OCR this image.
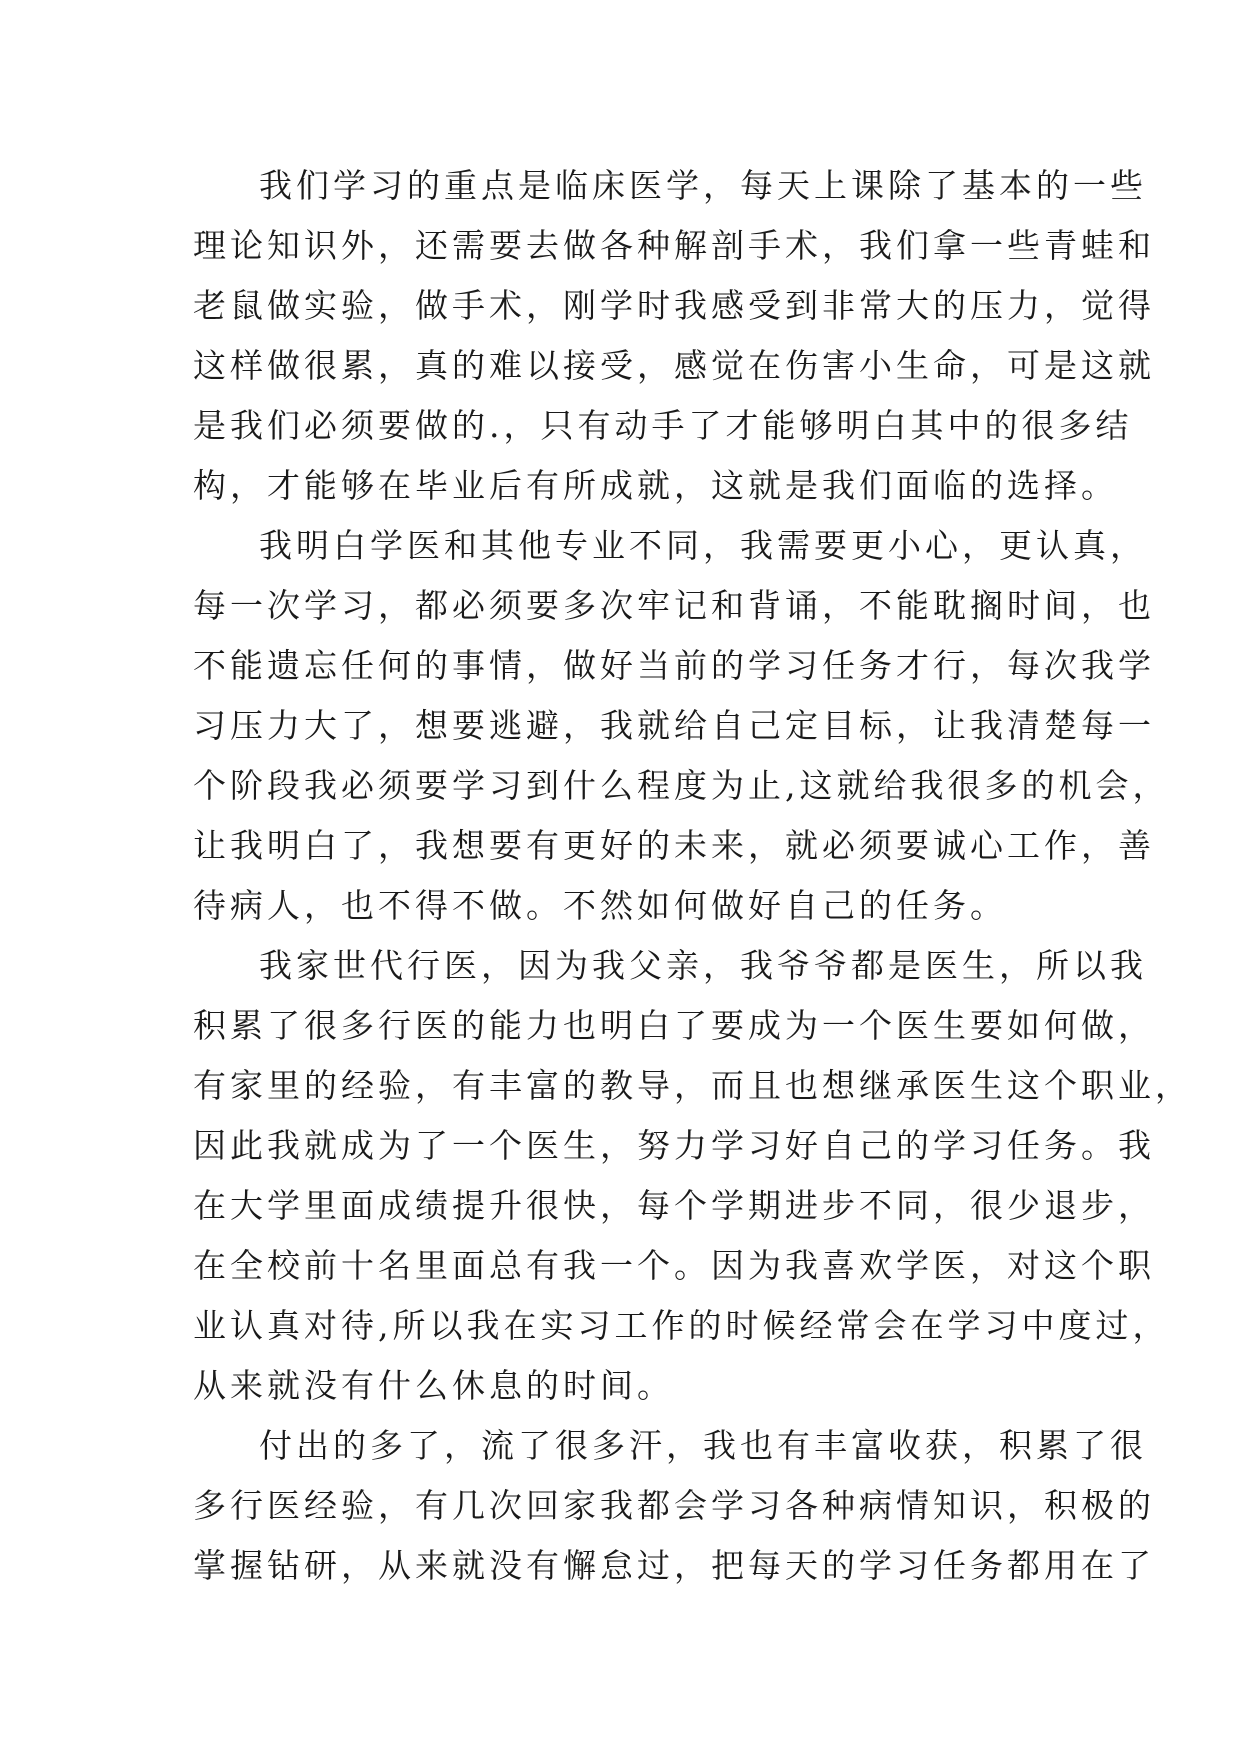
我们学习的重点是临床医学，每天上课除了基本的一些
理论知识外，还需要去做各种解剖手术，我们拿一些青蛙和
老鼠做实验，做手术，刚学时我感受到非常大的压力，觉得
这样做很累，真的难以接受，感觉在伤害小生命，可是这就
是我们必须要做的.，只有动手了才能够明白其中的很多结
构，才能够在毕业后有所成就，这就是我们面临的选择。
我明白学医和其他专业不同，我需要更小心，更认真，
每一次学习，都必须要多次牢记和背诵，不能耽搁时间，也
不能遗忘任何的事情，做好当前的学习任务才行，每次我学
习压力大了，想要逃避，我就给自己定目标，让我清楚每一
个阶段我必须要学习到什么程度为止,这就给我很多的机会，
让我明白了，我想要有更好的未来，就必须要诚心工作，善
待病人，也不得不做。不然如何做好自己的任务。
我家世代行医，因为我父亲，我爷爷都是医生，所以我
积累了很多行医的能力也明白了要成为一个医生要如何做，
有家里的经验，有丰富的教导，而且也想继承医生这个职业，
因此我就成为了一个医生，努力学习好自己的学习任务。我
在大学里面成绩提升很快，每个学期进步不同，很少退步，
在全校前十名里面总有我一个。因为我喜欢学医，对这个职
业认真对待,所以我在实习工作的时候经常会在学习中度过，
从来就没有什么休息的时间。
付出的多了，流了很多汗，我也有丰富收获，积累了很
多行医经验，有几次回家我都会学习各种病情知识，积极的
掌握钻研，从来就没有懈怠过，把每天的学习任务都用在了
